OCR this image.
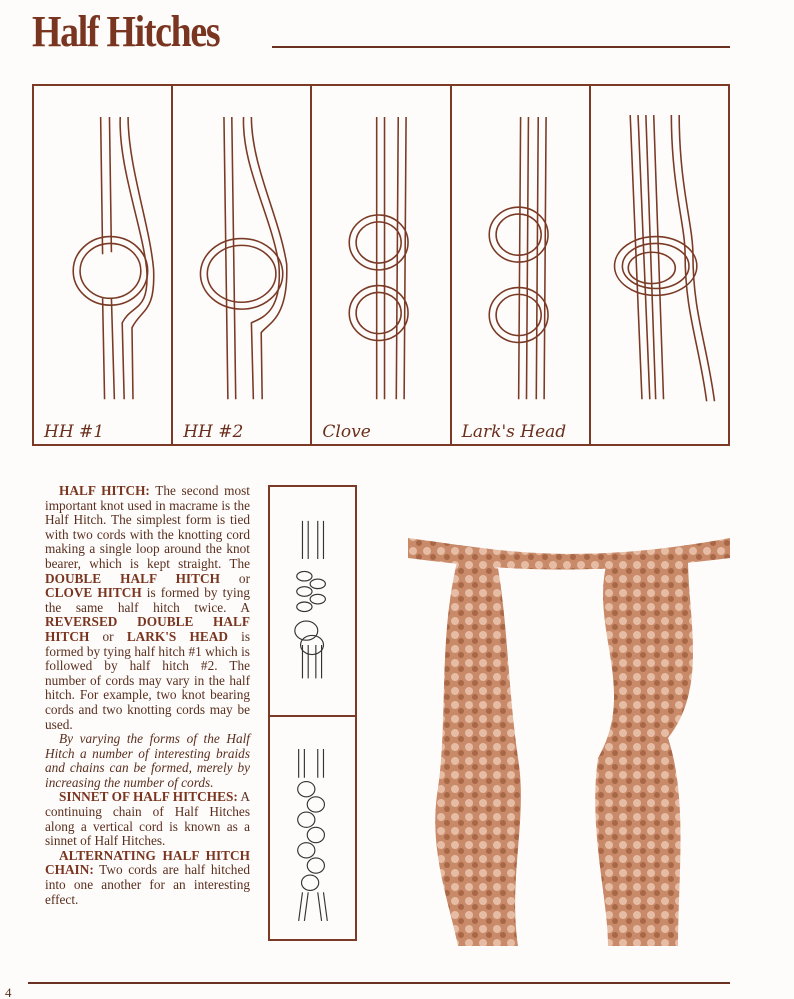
Half Hitches
HH #1	HH #2	Clove	Lark's Head

HALF HITCH: The second most important knot used in macrame is the Half Hitch. The simplest form is tied with two cords with the knotting cord making a single loop around the knot bearer, which is kept straight. The DOUBLE HALF HITCH or CLOVE HITCH is formed by tying the same half hitch twice. A REVERSED DOUBLE HALF HITCH or LARK'S HEAD is formed by tying half hitch #1 which is followed by half hitch #2. The number of cords may vary in the half hitch. For example, two knot bearing cords and two knotting cords may be used.

By varying the forms of the Half Hitch a number of interesting braids and chains can be formed, merely by increasing the number of cords.

SINNET OF HALF HITCHES: A continuing chain of Half Hitches along a vertical cord is known as a sinnet of Half Hitches.

ALTERNATING HALF HITCH CHAIN: Two cords are half hitched into one another for an interesting effect.

4
